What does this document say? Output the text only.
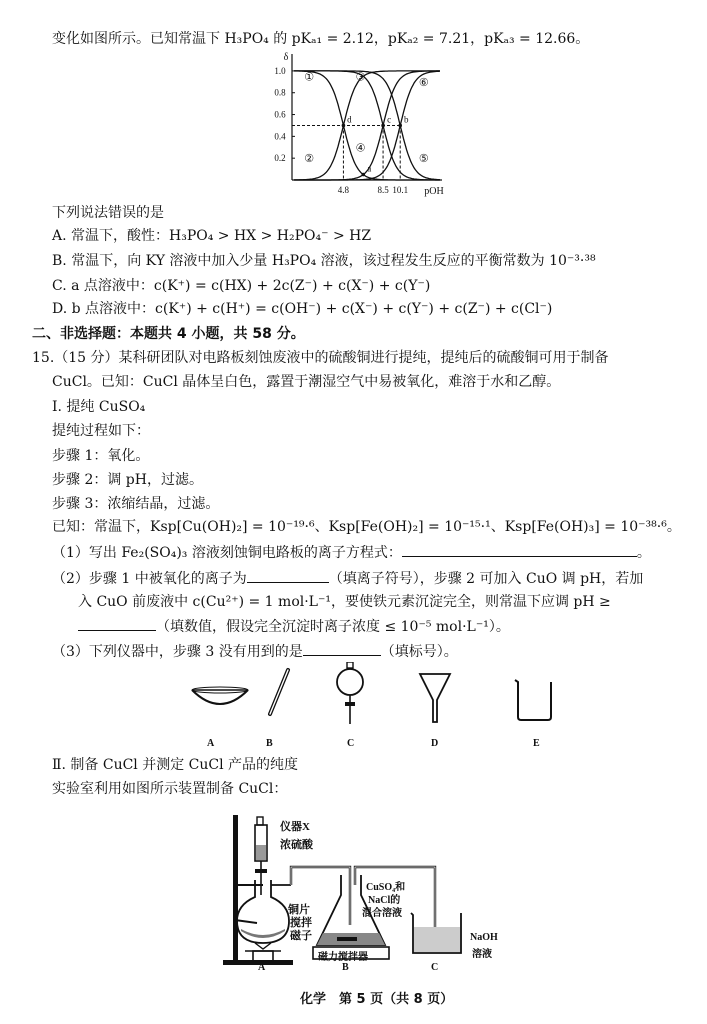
变化如图所示。已知常温下 H₃PO₄ 的 pKₐ₁ = 2.12，pKₐ₂ = 7.21，pKₐ₃ = 12.66。
δ
pOH
1.0
0.8
0.6
0.4
0.2
4.8	8.5 10.1
d	c b
a
①
②
③
④
⑤
⑥
下列说法错误的是
A. 常温下，酸性：H₃PO₄ > HX > H₂PO₄⁻ > HZ
B. 常温下，向 KY 溶液中加入少量 H₃PO₄ 溶液，该过程发生反应的平衡常数为 10⁻³·³⁸
C. a 点溶液中：c(K⁺) = c(HX) + 2c(Z⁻) + c(X⁻) + c(Y⁻)
D. b 点溶液中：c(K⁺) + c(H⁺) = c(OH⁻) + c(X⁻) + c(Y⁻) + c(Z⁻) + c(Cl⁻)
二、非选择题：本题共 4 小题，共 58 分。
15.（15 分）某科研团队对电路板刻蚀废液中的硫酸铜进行提纯，提纯后的硫酸铜可用于制备
CuCl。已知：CuCl 晶体呈白色，露置于潮湿空气中易被氧化，难溶于水和乙醇。
Ⅰ. 提纯 CuSO₄
提纯过程如下：
步骤 1：氧化。
步骤 2：调 pH，过滤。
步骤 3：浓缩结晶，过滤。
已知：常温下，Ksp[Cu(OH)₂] = 10⁻¹⁹·⁶、Ksp[Fe(OH)₂] = 10⁻¹⁵·¹、Ksp[Fe(OH)₃] = 10⁻³⁸·⁶。
（1）写出 Fe₂(SO₄)₃ 溶液刻蚀铜电路板的离子方程式：	。
（2）步骤 1 中被氧化的离子为	（填离子符号），步骤 2 可加入 CuO 调 pH，若加
入 CuO 前废液中 c(Cu²⁺) = 1 mol·L⁻¹，要使铁元素沉淀完全，则常温下应调 pH ≥
（填数值，假设完全沉淀时离子浓度 ≤ 10⁻⁵ mol·L⁻¹）。
（3）下列仪器中，步骤 3 没有用到的是	（填标号）。
A	B	C	D	E
Ⅱ. 制备 CuCl 并测定 CuCl 产品的纯度
实验室利用如图所示装置制备 CuCl：
仪器X
浓硫酸
铜片
搅拌
磁子
CuSO₄和
NaCl的
混合溶液
磁力搅拌器
NaOH
溶液
A	B	C
化学　第 5 页（共 8 页）
